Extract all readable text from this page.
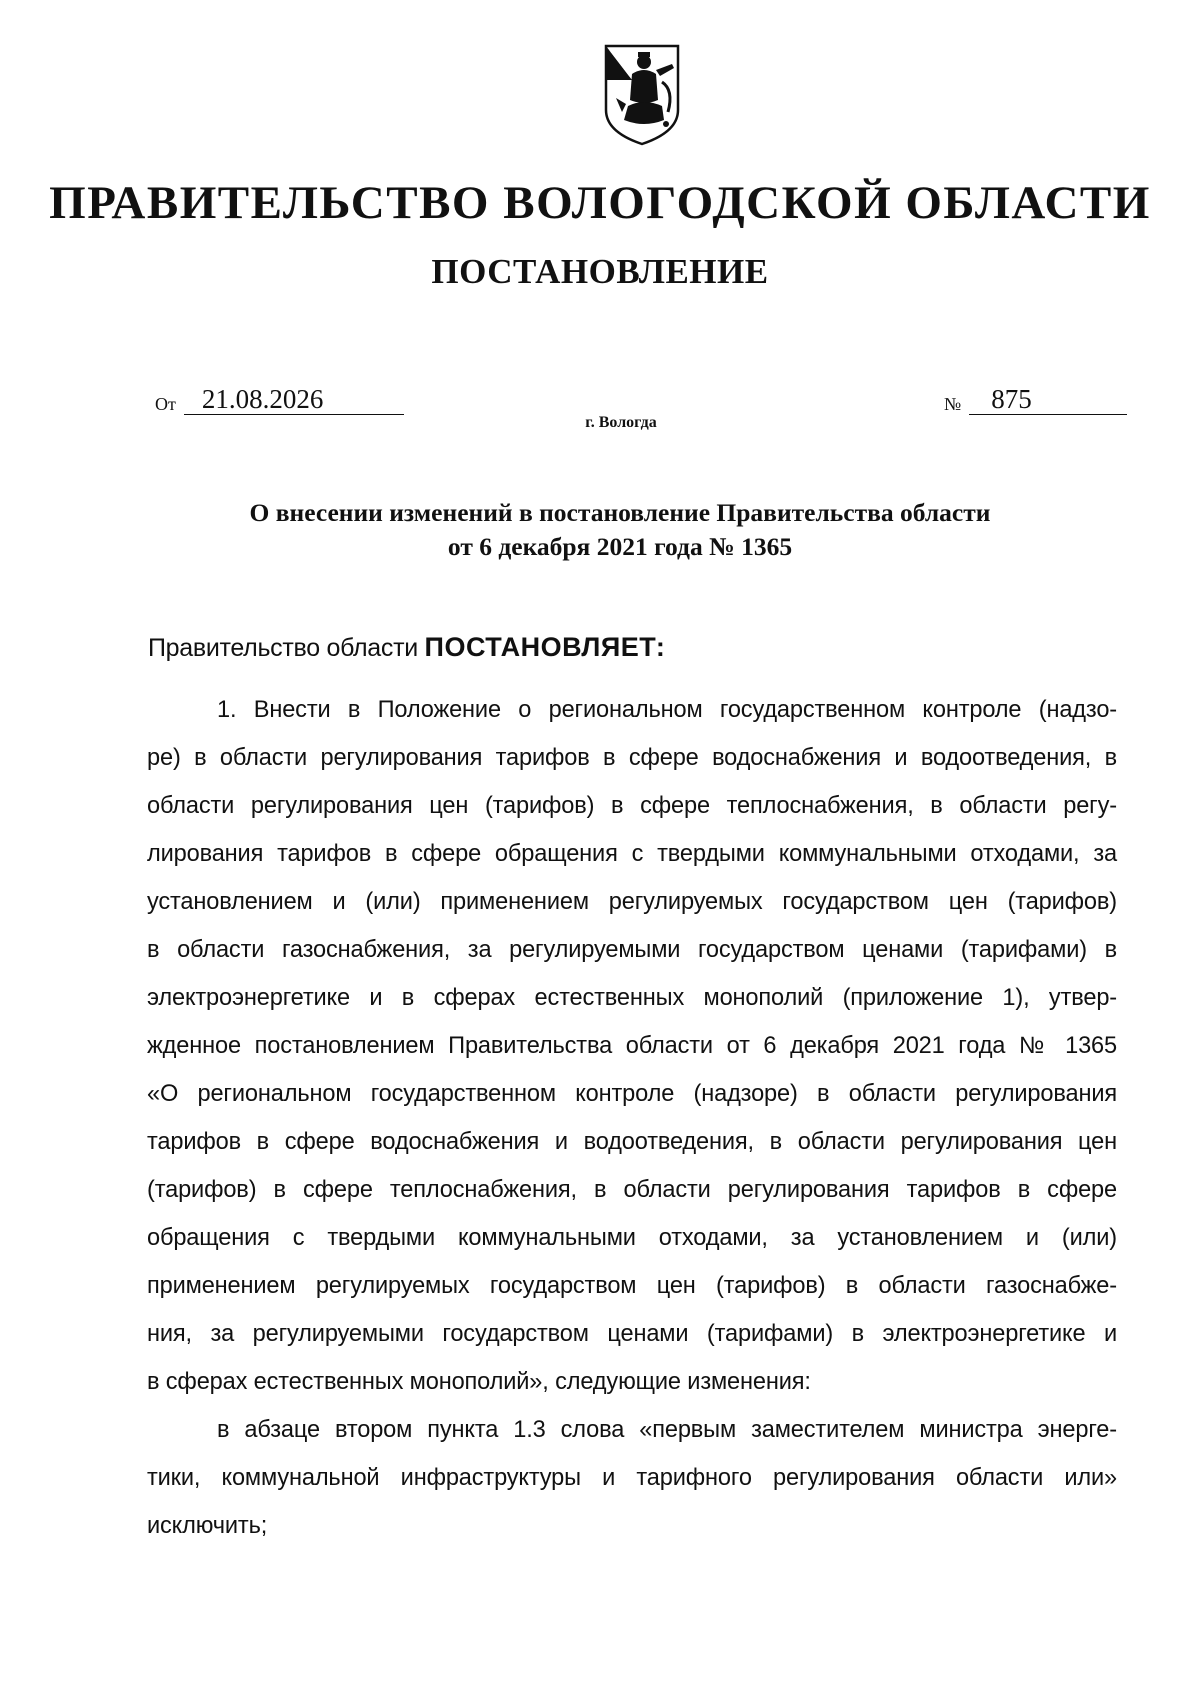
ПРАВИТЕЛЬСТВО ВОЛОГОДСКОЙ ОБЛАСТИ
ПОСТАНОВЛЕНИЕ
От 21.08.2026	№	875
г. Вологда
О внесении изменений в постановление Правительства области
от 6 декабря 2021 года № 1365
Правительство области ПОСТАНОВЛЯЕТ:
1. Внести в Положение о региональном государственном контроле (надзо-
ре) в области регулирования тарифов в сфере водоснабжения и водоотведения, в
области регулирования цен (тарифов) в сфере теплоснабжения, в области регу-
лирования тарифов в сфере обращения с твердыми коммунальными отходами, за
установлением и (или) применением регулируемых государством цен (тарифов)
в области газоснабжения, за регулируемыми государством ценами (тарифами) в
электроэнергетике и в сферах естественных монополий (приложение 1), утвер-
жденное постановлением Правительства области от 6 декабря 2021 года № 1365
«О региональном государственном контроле (надзоре) в области регулирования
тарифов в сфере водоснабжения и водоотведения, в области регулирования цен
(тарифов) в сфере теплоснабжения, в области регулирования тарифов в сфере
обращения с твердыми коммунальными отходами, за установлением и (или)
применением регулируемых государством цен (тарифов) в области газоснабже-
ния, за регулируемыми государством ценами (тарифами) в электроэнергетике и
в сферах естественных монополий», следующие изменения:
в абзаце втором пункта 1.3 слова «первым заместителем министра энерге-
тики, коммунальной инфраструктуры и тарифного регулирования области или»
исключить;
